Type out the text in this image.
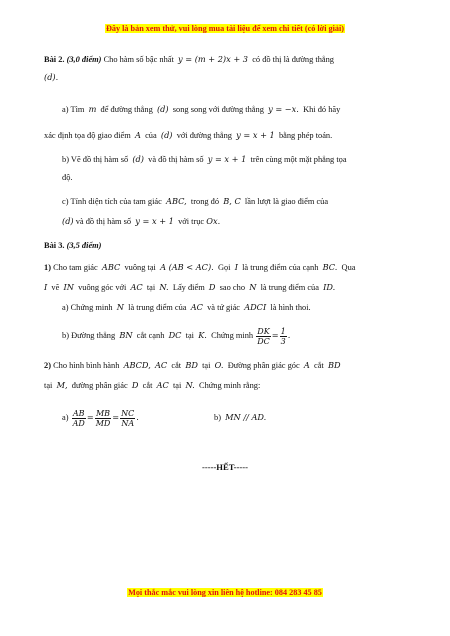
Đây là bản xem thử, vui lòng mua tài liệu để xem chi tiết (có lời giải)
Bài 2. (3,0 điểm) Cho hàm số bậc nhất y = (m + 2)x + 3 có đồ thị là đường thẳng
(d).
a) Tìm m để đường thẳng (d) song song với đường thẳng y = −x. Khi đó hãy
xác định tọa độ giao điểm A của (d) với đường thẳng y = x + 1 bằng phép toán.
b) Vẽ đồ thị hàm số (d) và đồ thị hàm số y = x + 1 trên cùng một mặt phẳng tọa
độ.
c) Tính diện tích của tam giác ABC, trong đó B, C lần lượt là giao điểm của
(d) và đồ thị hàm số y = x + 1 với trục Ox.
Bài 3. (3,5 điểm)
1) Cho tam giác ABC vuông tại A (AB < AC). Gọi I là trung điểm của cạnh BC. Qua
I vẽ IN vuông góc với AC tại N. Lấy điểm D sao cho N là trung điểm của ID.
a) Chứng minh N là trung điểm của AC và tứ giác ADCI là hình thoi.
b) Đường thẳng BN cắt cạnh DC tại K. Chứng minh $\frac{DK}{DC} = \frac{1}{3}$ .
2) Cho hình bình hành ABCD, AC cắt BD tại O. Đường phân giác góc A cắt BD
tại M, đường phân giác D cắt AC tại N. Chứng minh rằng:
$a) \frac{AB}{AD} = \frac{MB}{MD} = \frac{NC}{NA}$ .	b) MN // AD.
-----HẾT-----
Mọi thắc mắc vui lòng xin liên hệ hotline: 084 283 45 85
